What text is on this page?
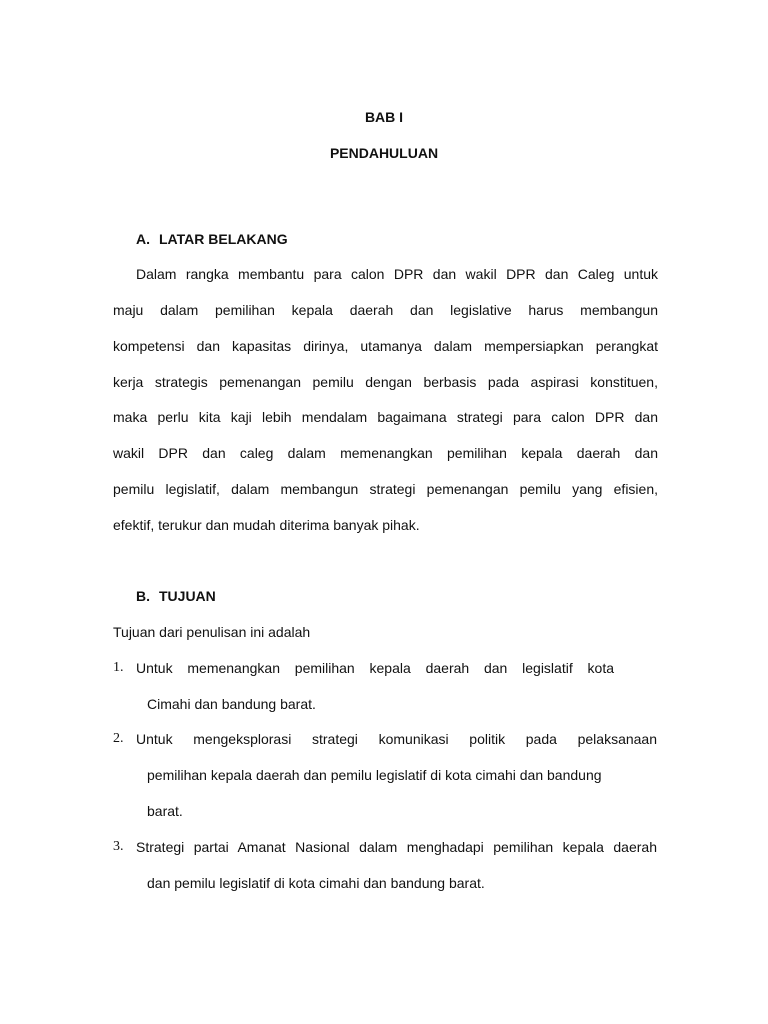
BAB I
PENDAHULUAN
A. LATAR BELAKANG
Dalam rangka membantu para calon DPR dan wakil DPR dan Caleg untuk
maju dalam pemilihan kepala daerah dan legislative harus membangun
kompetensi dan kapasitas dirinya, utamanya dalam mempersiapkan perangkat
kerja strategis pemenangan pemilu dengan berbasis pada aspirasi konstituen,
maka perlu kita kaji lebih mendalam bagaimana strategi para calon DPR dan
wakil DPR dan caleg dalam memenangkan pemilihan kepala daerah dan
pemilu legislatif, dalam membangun strategi pemenangan pemilu yang efisien,
efektif, terukur dan mudah diterima banyak pihak.
B. TUJUAN
Tujuan dari penulisan ini adalah
1. Untuk memenangkan pemilihan kepala daerah dan legislatif kota
Cimahi dan bandung barat.
2. Untuk mengeksplorasi strategi komunikasi politik pada pelaksanaan
pemilihan kepala daerah dan pemilu legislatif di kota cimahi dan bandung
barat.
3. Strategi partai Amanat Nasional dalam menghadapi pemilihan kepala daerah
dan pemilu legislatif di kota cimahi dan bandung barat.
